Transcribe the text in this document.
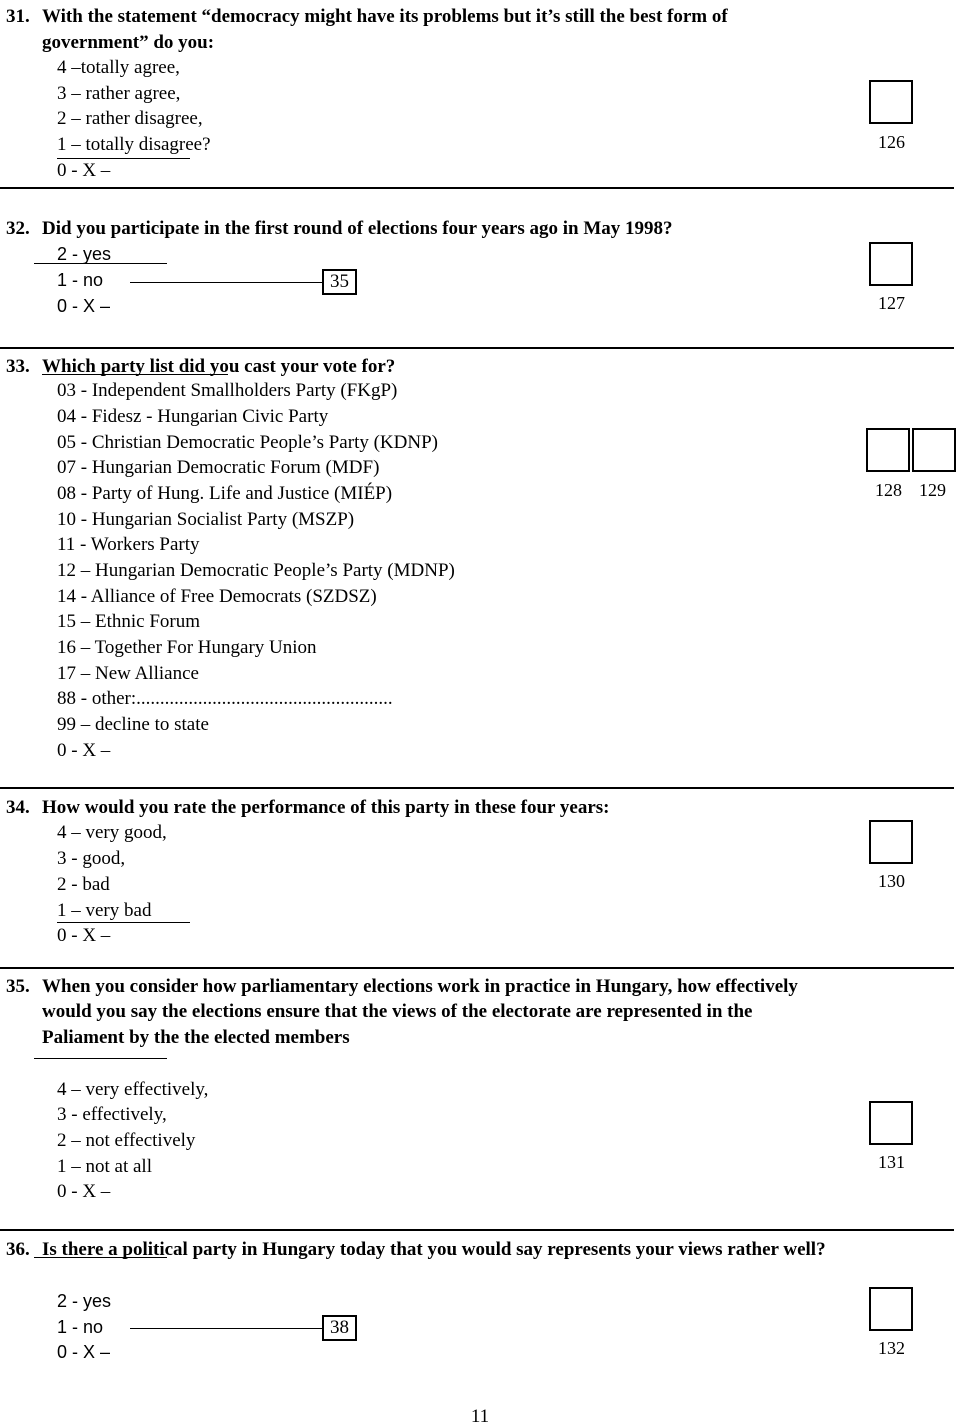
31. With the statement “democracy might have its problems but it’s still the best form of
government” do you:
4 –totally agree,
3 – rather agree,
2 – rather disagree,
1 – totally disagree?
0 - X –
126
32. Did you participate in the first round of elections four years ago in May 1998?
2 - yes
1 - no	35
0 - X –	127
33. Which party list did you cast your vote for?
03 - Independent Smallholders Party (FKgP)
04 - Fidesz - Hungarian Civic Party
05 - Christian Democratic People’s Party (KDNP)
07 - Hungarian Democratic Forum (MDF)
08 - Party of Hung. Life and Justice (MIÉP)
10 - Hungarian Socialist Party (MSZP)
11 - Workers Party
12 – Hungarian Democratic People’s Party (MDNP)
14 - Alliance of Free Democrats (SZDSZ)
15 – Ethnic Forum
16 – Together For Hungary Union
17 – New Alliance
88 - other:......................................................
99 – decline to state
0 - X –
128 129
34. How would you rate the performance of this party in these four years:
4 – very good,
3 - good,
2 - bad
1 – very bad
0 - X –
130
35. When you consider how parliamentary elections work in practice in Hungary, how effectively
would you say the elections ensure that the views of the electorate are represented in the
Paliament by the the elected members
4 – very effectively,
3 - effectively,
2 – not effectively
1 – not at all
0 - X –
131
36. Is there a political party in Hungary today that you would say represents your views rather well?
2 - yes
1 - no	38
0 - X –	132
11
